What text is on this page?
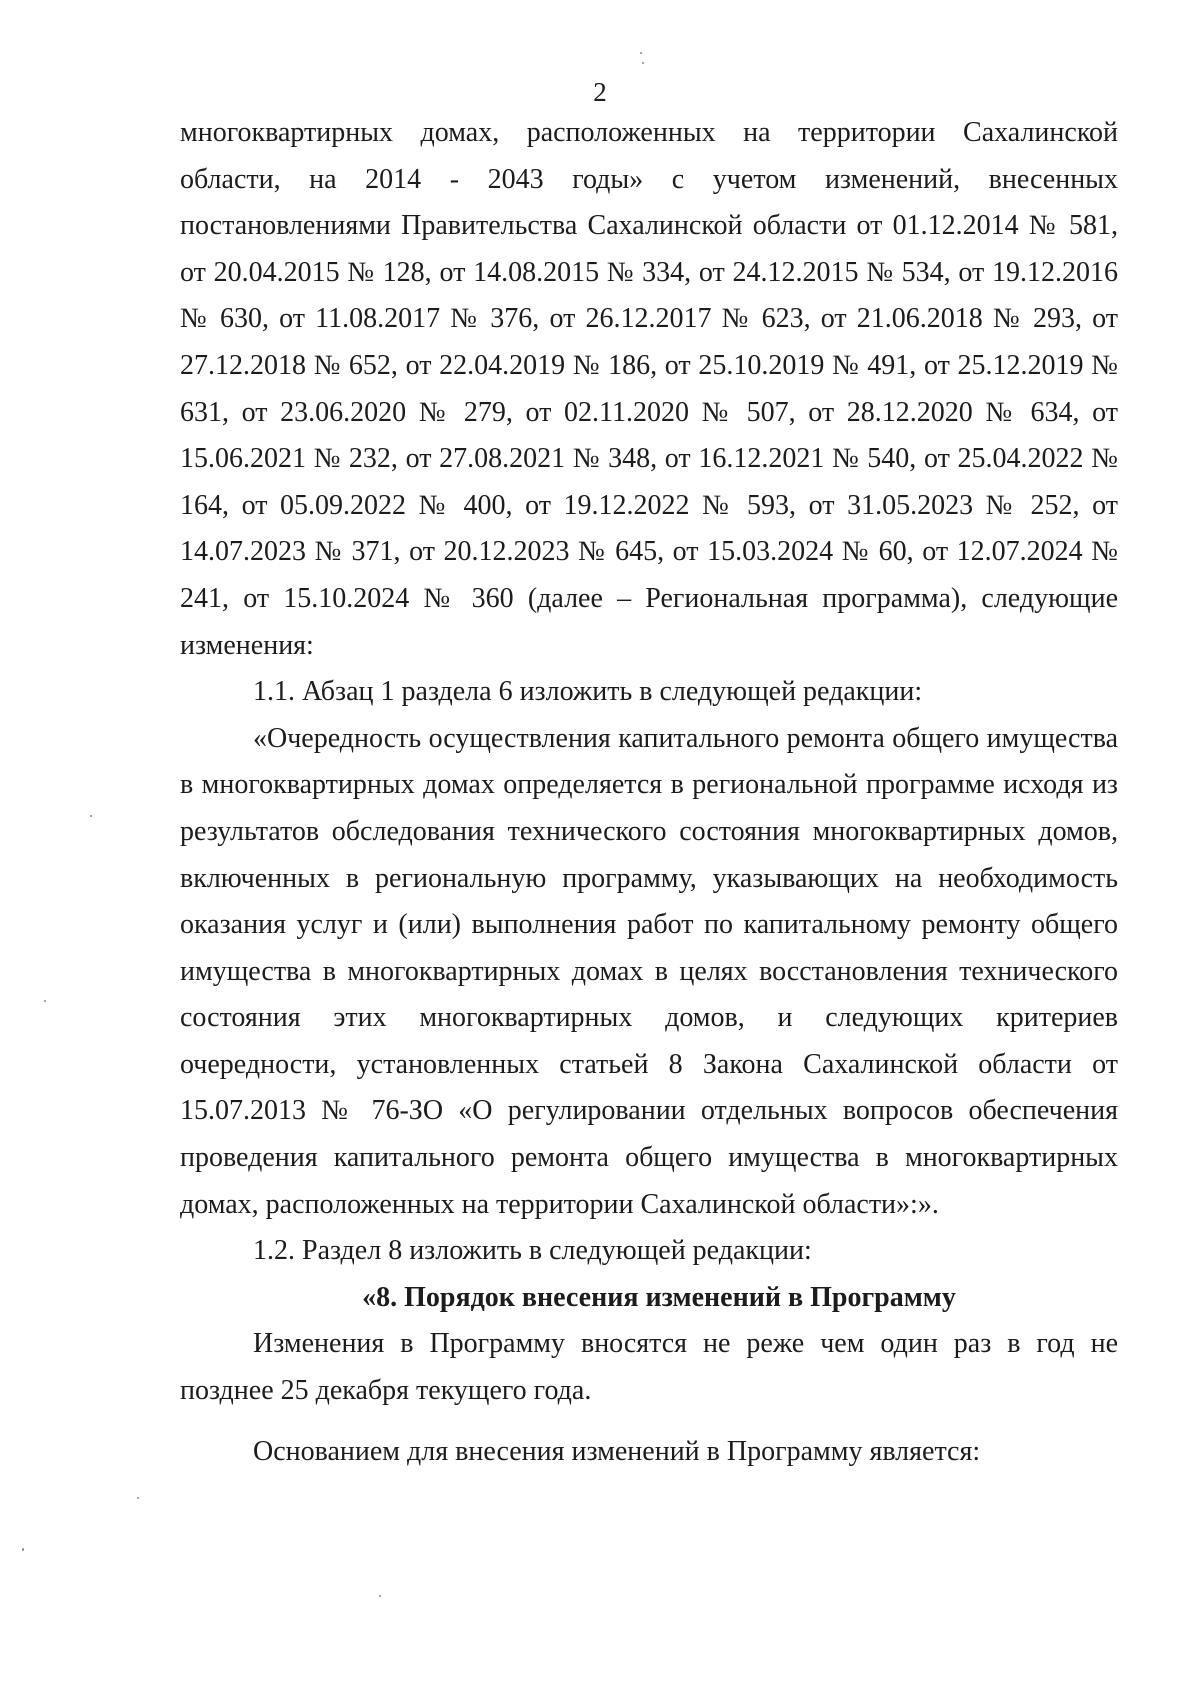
2

многоквартирных домах, расположенных на территории Сахалинской области, на 2014 - 2043 годы» с учетом изменений, внесенных постановлениями Правительства Сахалинской области от 01.12.2014 № 581, от 20.04.2015 № 128, от 14.08.2015 № 334, от 24.12.2015 № 534, от 19.12.2016 № 630, от 11.08.2017 № 376, от 26.12.2017 № 623, от 21.06.2018 № 293, от 27.12.2018 № 652, от 22.04.2019 № 186, от 25.10.2019 № 491, от 25.12.2019 № 631, от 23.06.2020 № 279, от 02.11.2020 № 507, от 28.12.2020 № 634, от 15.06.2021 № 232, от 27.08.2021 № 348, от 16.12.2021 № 540, от 25.04.2022 № 164, от 05.09.2022 № 400, от 19.12.2022 № 593, от 31.05.2023 № 252, от 14.07.2023 № 371, от 20.12.2023 № 645, от 15.03.2024 № 60, от 12.07.2024 № 241, от 15.10.2024 № 360 (далее – Региональная программа), следующие изменения:

1.1. Абзац 1 раздела 6 изложить в следующей редакции:

«Очередность осуществления капитального ремонта общего имущества в многоквартирных домах определяется в региональной программе исходя из результатов обследования технического состояния многоквартирных домов, включенных в региональную программу, указывающих на необходимость оказания услуг и (или) выполнения работ по капитальному ремонту общего имущества в многоквартирных домах в целях восстановления технического состояния этих многоквартирных домов, и следующих критериев очередности, установленных статьей 8 Закона Сахалинской области от 15.07.2013 № 76-ЗО «О регулировании отдельных вопросов обеспечения проведения капитального ремонта общего имущества в многоквартирных домах, расположенных на территории Сахалинской области»:».

1.2. Раздел 8 изложить в следующей редакции:

«8. Порядок внесения изменений в Программу

Изменения в Программу вносятся не реже чем один раз в год не позднее 25 декабря текущего года.

Основанием для внесения изменений в Программу является:
